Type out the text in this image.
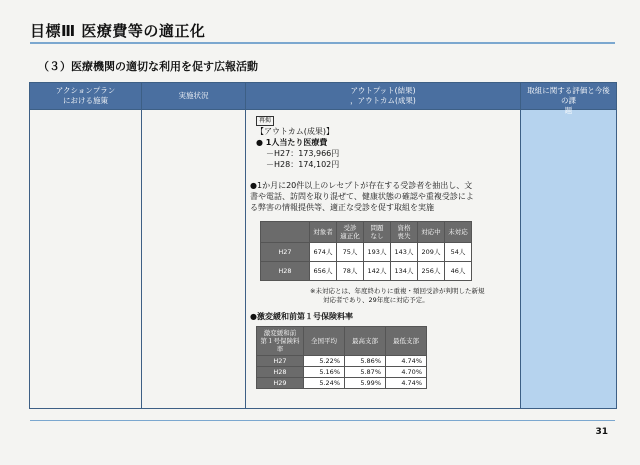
目標Ⅲ 医療費等の適正化
（３）医療機関の適切な利用を促す広報活動
アクションプラン
における施策
実施状況
アウトプット(結果)
，アウトカム(成果)
再掲
【アウトカム(成果)】
● 1人当たり医療費
－H27：173,966円
－H28：174,102円
●1か月に20件以上のレセプトが存在する受診者を抽出し、文
書や電話、訪問を取り混ぜて、健康状態の確認や重複受診によ
る弊害の情報提供等、適正な受診を促す取組を実施
	対象者	受診
適正化	問題
なし	資格
喪失	対応中	未対応
H27	674人	75人	193人	143人	209人	54人
H28	656人	78人	142人	134人	256人	46人
※未対応とは、年度終わりに重複・頻回受診が判明した新規
対応者であり、29年度に対応予定。
●激変緩和前第１号保険料率
激変緩和前
第１号保険料率	全国平均	最高支部	最低支部
H27	5.22%	5.86%	4.74%
H28	5.16%	5.87%	4.70%
H29	5.24%	5.99%	4.74%
取組に関する評価と今後の課
題
31
